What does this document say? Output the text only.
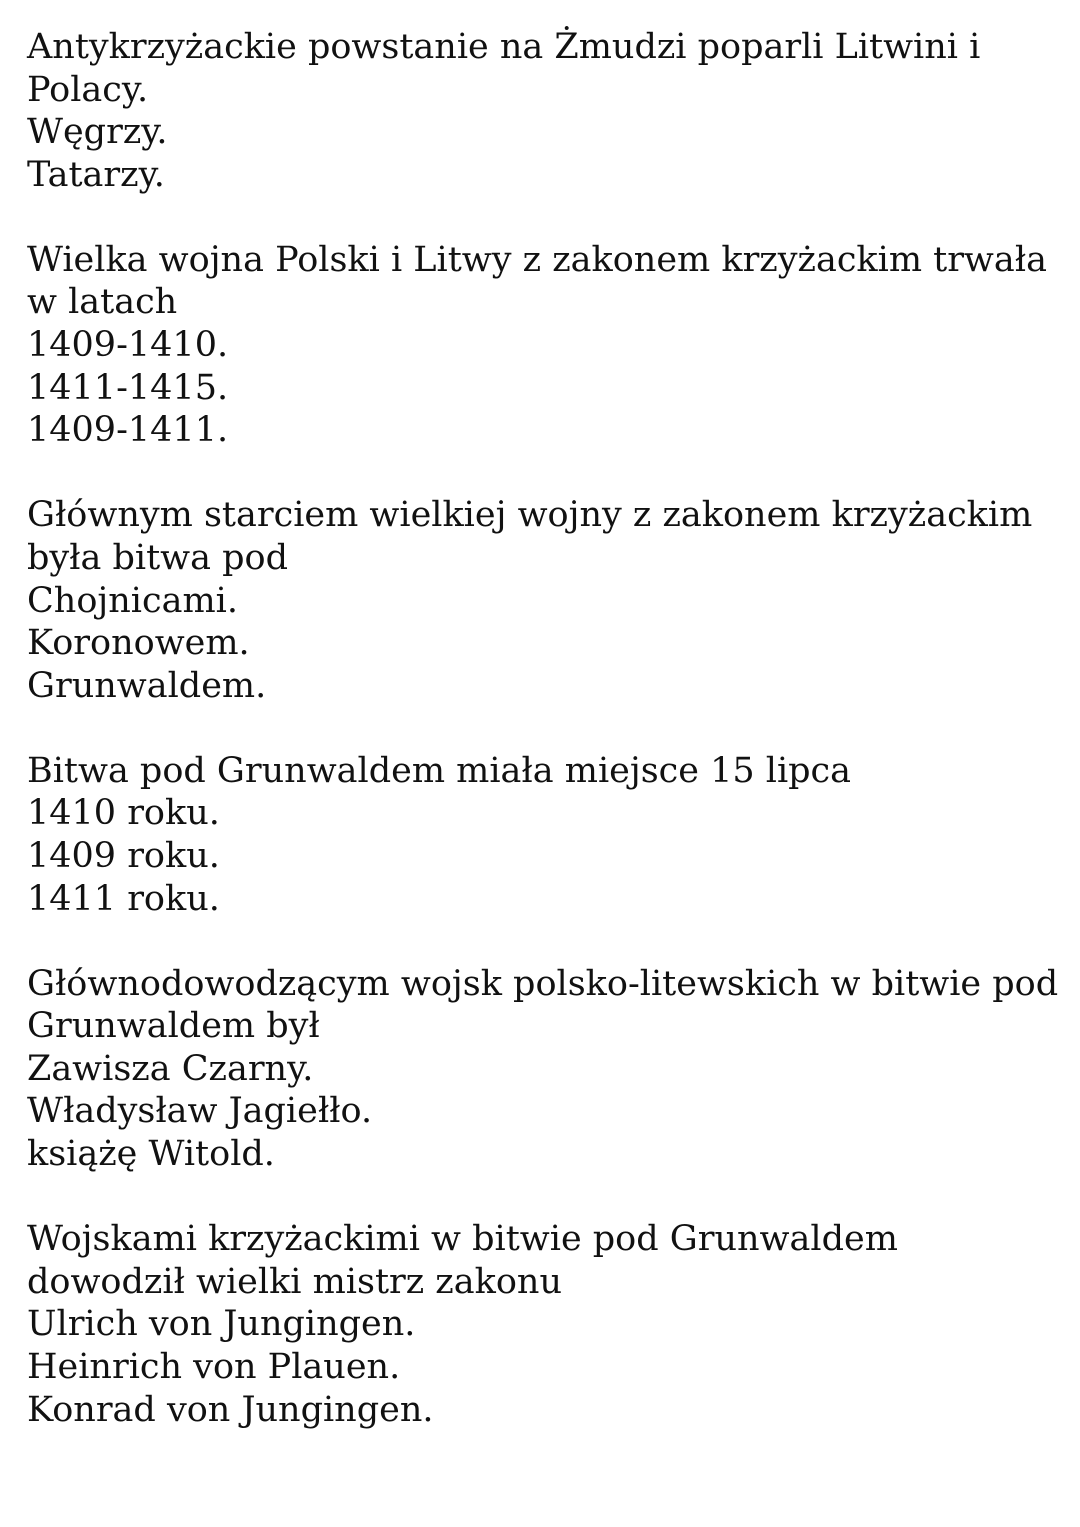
Antykrzyżackie powstanie na Żmudzi poparli Litwini i
Polacy.
Węgrzy.
Tatarzy.
Wielka wojna Polski i Litwy z zakonem krzyżackim trwała
w latach
1409-1410.
1411-1415.
1409-1411.
Głównym starciem wielkiej wojny z zakonem krzyżackim
była bitwa pod
Chojnicami.
Koronowem.
Grunwaldem.
Bitwa pod Grunwaldem miała miejsce 15 lipca
1410 roku.
1409 roku.
1411 roku.
Głównodowodzącym wojsk polsko-litewskich w bitwie pod
Grunwaldem był
Zawisza Czarny.
Władysław Jagiełło.
książę Witold.
Wojskami krzyżackimi w bitwie pod Grunwaldem
dowodził wielki mistrz zakonu
Ulrich von Jungingen.
Heinrich von Plauen.
Konrad von Jungingen.
